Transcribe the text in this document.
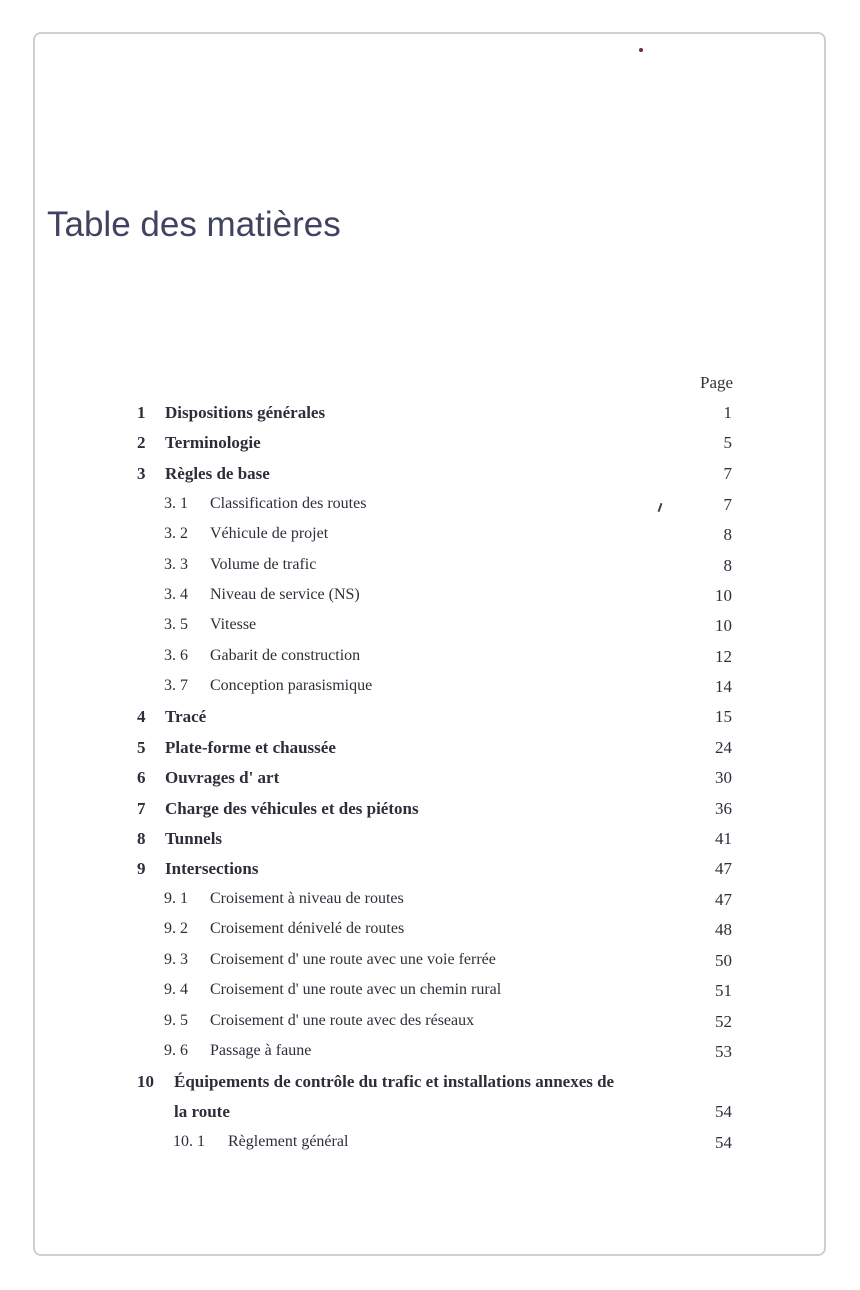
Table des matières
Page
1 Dispositions générales	1
2 Terminologie	5
3 Règles de base	7
3. 1 Classification des routes	7
3. 2 Véhicule de projet	8
3. 3 Volume de trafic	8
3. 4 Niveau de service (NS)	10
3. 5 Vitesse	10
3. 6 Gabarit de construction	12
3. 7 Conception parasismique	14
4 Tracé	15
5 Plate-forme et chaussée	24
6 Ouvrages d' art	30
7 Charge des véhicules et des piétons	36
8 Tunnels	41
9 Intersections	47
9. 1 Croisement à niveau de routes	47
9. 2 Croisement dénivelé de routes	48
9. 3 Croisement d' une route avec une voie ferrée	50
9. 4 Croisement d' une route avec un chemin rural	51
9. 5 Croisement d' une route avec des réseaux	52
9. 6 Passage à faune	53
10 Équipements de contrôle du trafic et installations annexes de
la route	54
10. 1 Règlement général	54
